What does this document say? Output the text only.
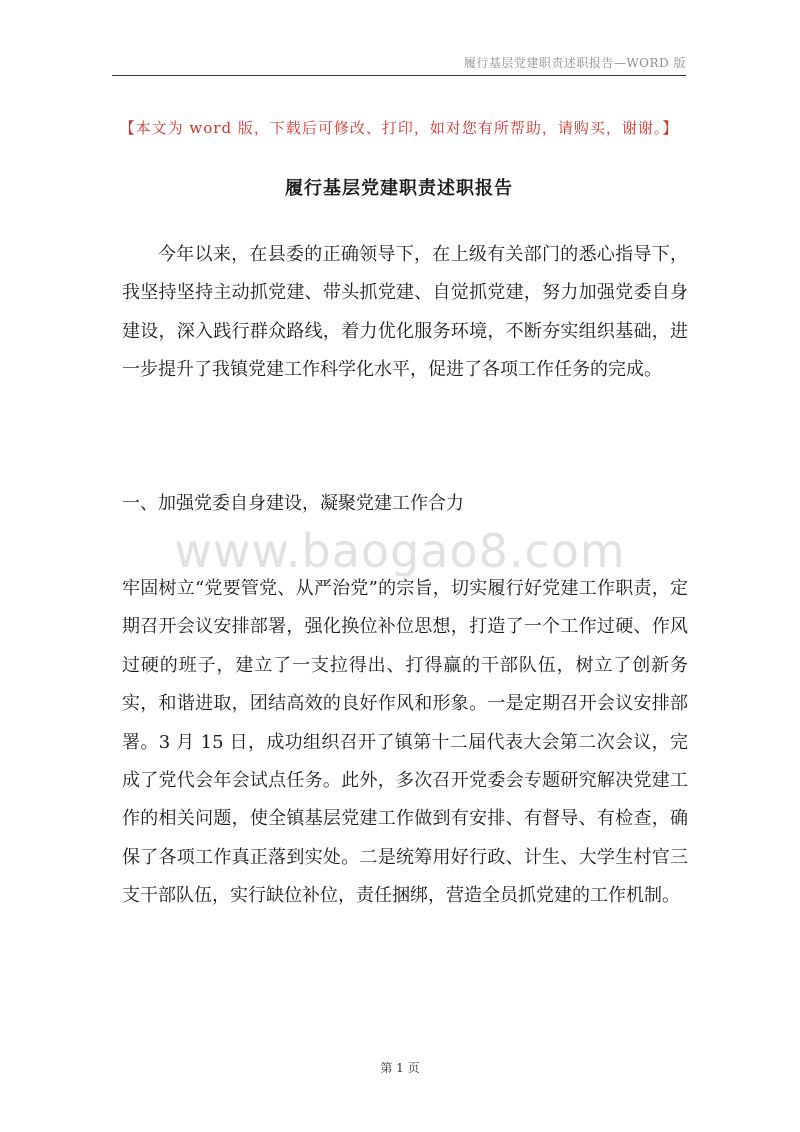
履行基层党建职责述职报告—WORD 版
【本文为 word 版，下载后可修改、打印，如对您有所帮助，请购买，谢谢。】
履行基层党建职责述职报告

今年以来，在县委的正确领导下，在上级有关部门的悉心指导下，我坚持坚持主动抓党建、带头抓党建、自觉抓党建，努力加强党委自身建设，深入践行群众路线，着力优化服务环境，不断夯实组织基础，进一步提升了我镇党建工作科学化水平，促进了各项工作任务的完成。

一、加强党委自身建设，凝聚党建工作合力
www.baogao8.com

牢固树立“党要管党、从严治党”的宗旨，切实履行好党建工作职责，定期召开会议安排部署，强化换位补位思想，打造了一个工作过硬、作风过硬的班子，建立了一支拉得出、打得赢的干部队伍，树立了创新务实，和谐进取，团结高效的良好作风和形象。一是定期召开会议安排部署。3 月 15 日，成功组织召开了镇第十二届代表大会第二次会议，完成了党代会年会试点任务。此外，多次召开党委会专题研究解决党建工作的相关问题，使全镇基层党建工作做到有安排、有督导、有检查，确保了各项工作真正落到实处。二是统筹用好行政、计生、大学生村官三支干部队伍，实行缺位补位，责任捆绑，营造全员抓党建的工作机制。

第 1 页
